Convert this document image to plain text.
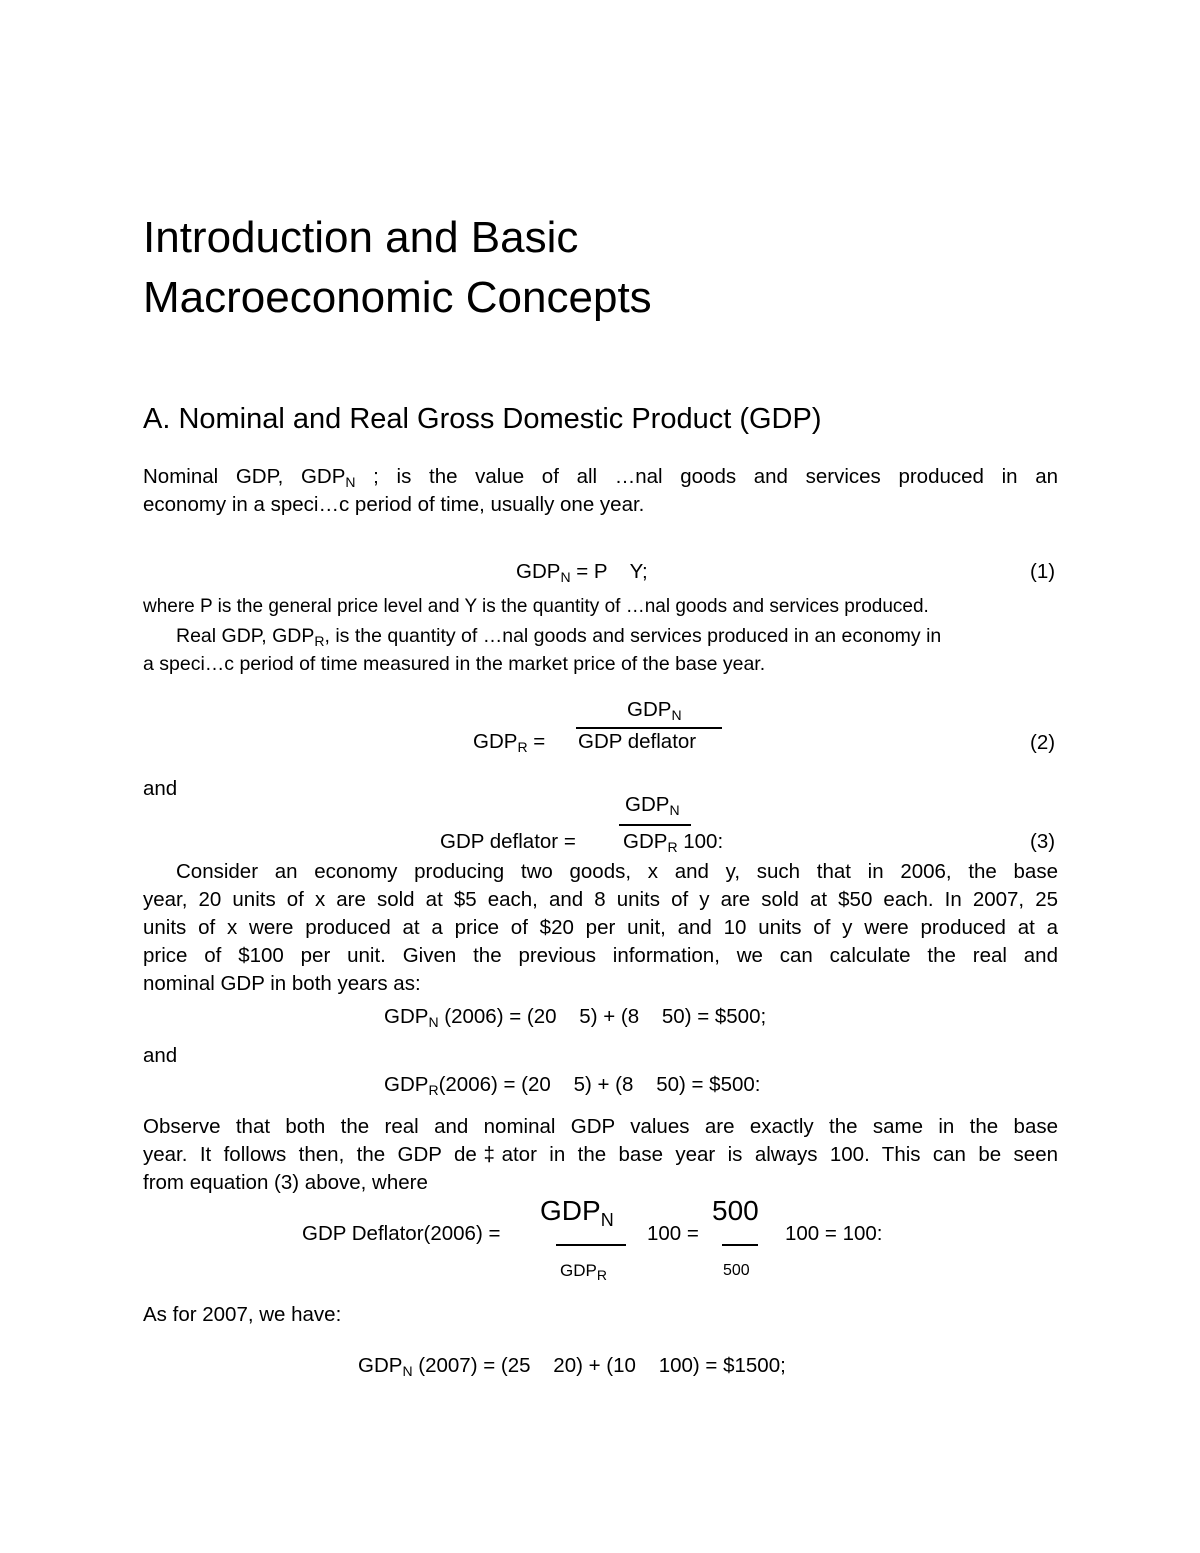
Introduction and Basic
Macroeconomic Concepts
A. Nominal and Real Gross Domestic Product (GDP)
Nominal GDP, GDPN ; is the value of all …nal goods and services produced in an
economy in a speci…c period of time, usually one year.
GDPN = P    Y;	(1)
where P is the general price level and Y is the quantity of …nal goods and services produced.
Real GDP, $GDP_R$, is the quantity of …nal goods and services produced in an economy in
a speci…c period of time measured in the market price of the base year.
GDPN
GDPR = GDP deflator	(2)
and
GDPN
GDP deflator = GDPR 100:	(3)
Consider an economy producing two goods, x and y, such that in 2006, the base
year, 20 units of x are sold at $5 each, and 8 units of y are sold at $50 each. In 2007, 25
units of x were produced at a price of $20 per unit, and 10 units of y were produced at a
price of $100 per unit. Given the previous information, we can calculate the real and
nominal GDP in both years as:
GDPN (2006) = (20    5) + (8    50) = $500;
and
GDPR(2006) = (20    5) + (8    50) = $500:
Observe that both the real and nominal GDP values are exactly the same in the base
year. It follows then, the GDP de‡ator in the base year is always 100. This can be seen
from equation (3) above, where
$GDP_N$	500
GDP Deflator(2006) =	100 =	100 = 100:
$GDP_R$	500
As for 2007, we have:
GDPN (2007) = (25    20) + (10    100) = $1500;
